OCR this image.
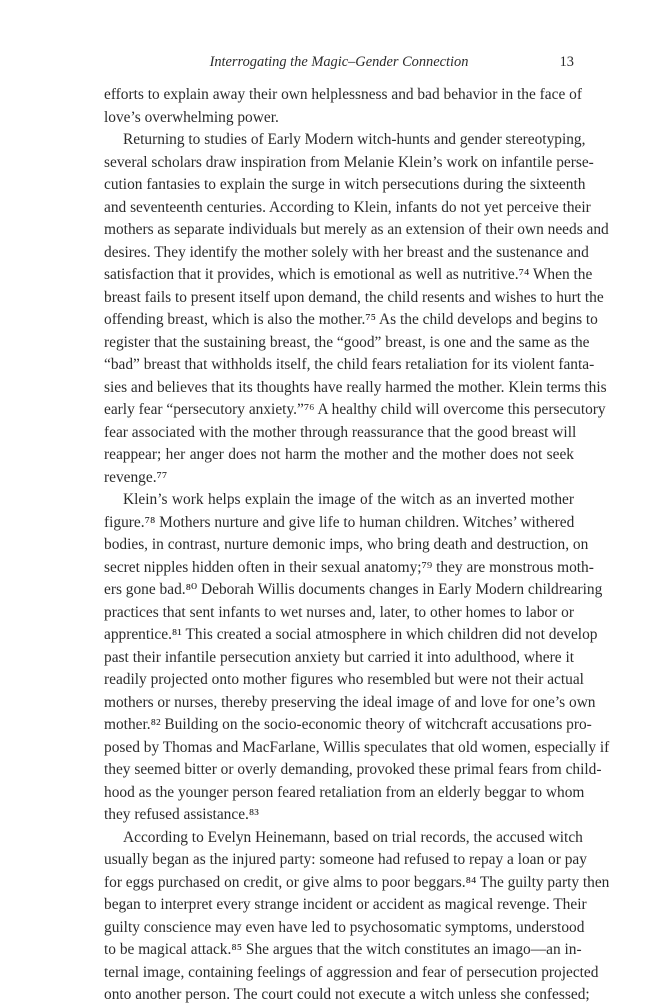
Interrogating the Magic–Gender Connection	13
efforts to explain away their own helplessness and bad behavior in the face of
love’s overwhelming power.
Returning to studies of Early Modern witch-hunts and gender stereotyping,
several scholars draw inspiration from Melanie Klein’s work on infantile perse-
cution fantasies to explain the surge in witch persecutions during the sixteenth
and seventeenth centuries. According to Klein, infants do not yet perceive their
mothers as separate individuals but merely as an extension of their own needs and
desires. They identify the mother solely with her breast and the sustenance and
satisfaction that it provides, which is emotional as well as nutritive.⁷⁴ When the
breast fails to present itself upon demand, the child resents and wishes to hurt the
offending breast, which is also the mother.⁷⁵ As the child develops and begins to
register that the sustaining breast, the “good” breast, is one and the same as the
“bad” breast that withholds itself, the child fears retaliation for its violent fanta-
sies and believes that its thoughts have really harmed the mother. Klein terms this
early fear “persecutory anxiety.”⁷⁶ A healthy child will overcome this persecutory
fear associated with the mother through reassurance that the good breast will
reappear; her anger does not harm the mother and the mother does not seek
revenge.⁷⁷
Klein’s work helps explain the image of the witch as an inverted mother
figure.⁷⁸ Mothers nurture and give life to human children. Witches’ withered
bodies, in contrast, nurture demonic imps, who bring death and destruction, on
secret nipples hidden often in their sexual anatomy;⁷⁹ they are monstrous moth-
ers gone bad.⁸⁰ Deborah Willis documents changes in Early Modern childrearing
practices that sent infants to wet nurses and, later, to other homes to labor or
apprentice.⁸¹ This created a social atmosphere in which children did not develop
past their infantile persecution anxiety but carried it into adulthood, where it
readily projected onto mother figures who resembled but were not their actual
mothers or nurses, thereby preserving the ideal image of and love for one’s own
mother.⁸² Building on the socio-economic theory of witchcraft accusations pro-
posed by Thomas and MacFarlane, Willis speculates that old women, especially if
they seemed bitter or overly demanding, provoked these primal fears from child-
hood as the younger person feared retaliation from an elderly beggar to whom
they refused assistance.⁸³
According to Evelyn Heinemann, based on trial records, the accused witch
usually began as the injured party: someone had refused to repay a loan or pay
for eggs purchased on credit, or give alms to poor beggars.⁸⁴ The guilty party then
began to interpret every strange incident or accident as magical revenge. Their
guilty conscience may even have led to psychosomatic symptoms, understood
to be magical attack.⁸⁵ She argues that the witch constitutes an imago—an in-
ternal image, containing feelings of aggression and fear of persecution projected
onto another person. The court could not execute a witch unless she confessed;
